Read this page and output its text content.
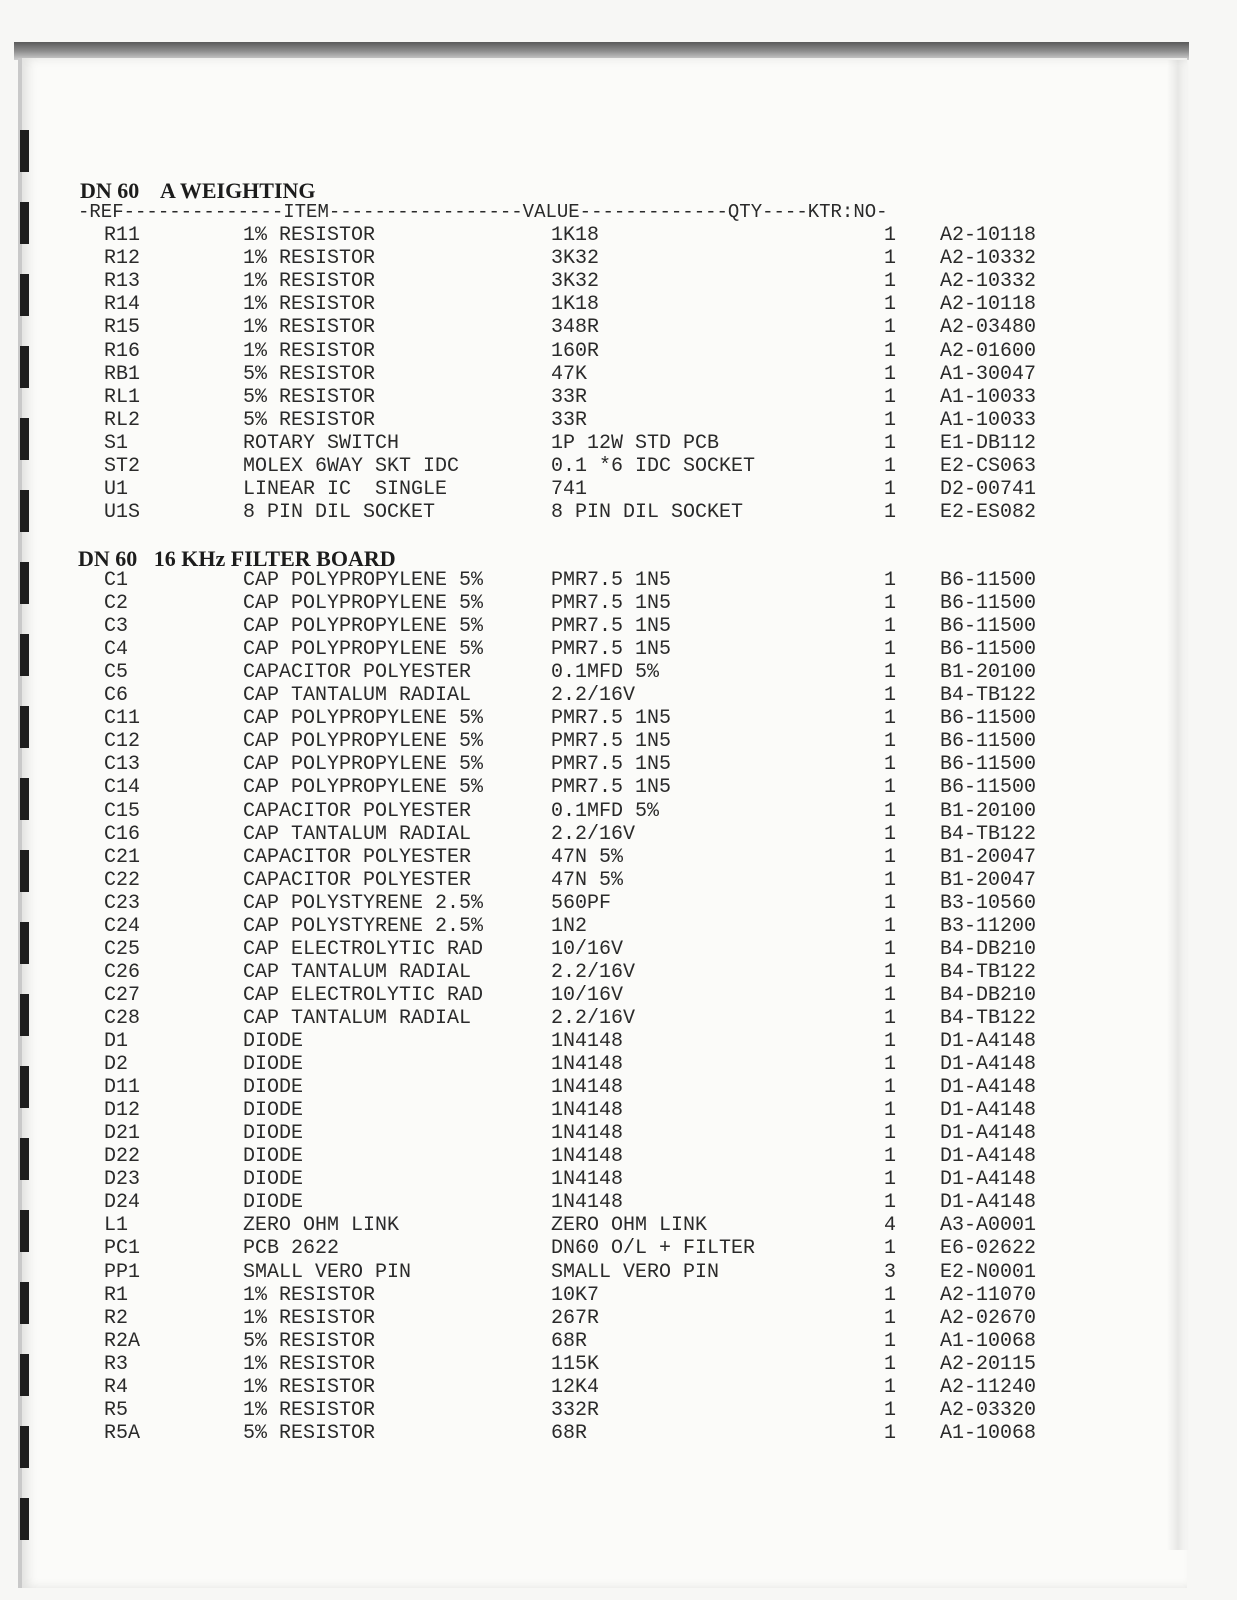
DN 60    A WEIGHTING
-REF--------------ITEM-----------------VALUE-------------QTY----KTR:NO-
R11	1% RESISTOR	1K18	1 A2-10118
R12	1% RESISTOR	3K32	1 A2-10332
R13	1% RESISTOR	3K32	1 A2-10332
R14	1% RESISTOR	1K18	1 A2-10118
R15	1% RESISTOR	348R	1 A2-03480
R16	1% RESISTOR	160R	1 A2-01600
RB1	5% RESISTOR	47K	1 A1-30047
RL1	5% RESISTOR	33R	1 A1-10033
RL2	5% RESISTOR	33R	1 A1-10033
S1	ROTARY SWITCH	1P 12W STD PCB	1 E1-DB112
ST2	MOLEX 6WAY SKT IDC	0.1 *6 IDC SOCKET	1 E2-CS063
U1	LINEAR IC  SINGLE	741	1 D2-00741
U1S	8 PIN DIL SOCKET	8 PIN DIL SOCKET	1 E2-ES082
DN 60   16 KHz FILTER BOARD
C1	CAP POLYPROPYLENE 5%	PMR7.5 1N5	1 B6-11500
C2	CAP POLYPROPYLENE 5%	PMR7.5 1N5	1 B6-11500
C3	CAP POLYPROPYLENE 5%	PMR7.5 1N5	1 B6-11500
C4	CAP POLYPROPYLENE 5%	PMR7.5 1N5	1 B6-11500
C5	CAPACITOR POLYESTER	0.1MFD 5%	1 B1-20100
C6	CAP TANTALUM RADIAL	2.2/16V	1 B4-TB122
C11	CAP POLYPROPYLENE 5%	PMR7.5 1N5	1 B6-11500
C12	CAP POLYPROPYLENE 5%	PMR7.5 1N5	1 B6-11500
C13	CAP POLYPROPYLENE 5%	PMR7.5 1N5	1 B6-11500
C14	CAP POLYPROPYLENE 5%	PMR7.5 1N5	1 B6-11500
C15	CAPACITOR POLYESTER	0.1MFD 5%	1 B1-20100
C16	CAP TANTALUM RADIAL	2.2/16V	1 B4-TB122
C21	CAPACITOR POLYESTER	47N 5%	1 B1-20047
C22	CAPACITOR POLYESTER	47N 5%	1 B1-20047
C23	CAP POLYSTYRENE 2.5%	560PF	1 B3-10560
C24	CAP POLYSTYRENE 2.5%	1N2	1 B3-11200
C25	CAP ELECTROLYTIC RAD	10/16V	1 B4-DB210
C26	CAP TANTALUM RADIAL	2.2/16V	1 B4-TB122
C27	CAP ELECTROLYTIC RAD	10/16V	1 B4-DB210
C28	CAP TANTALUM RADIAL	2.2/16V	1 B4-TB122
D1	DIODE	1N4148	1 D1-A4148
D2	DIODE	1N4148	1 D1-A4148
D11	DIODE	1N4148	1 D1-A4148
D12	DIODE	1N4148	1 D1-A4148
D21	DIODE	1N4148	1 D1-A4148
D22	DIODE	1N4148	1 D1-A4148
D23	DIODE	1N4148	1 D1-A4148
D24	DIODE	1N4148	1 D1-A4148
L1	ZERO OHM LINK	ZERO OHM LINK	4 A3-A0001
PC1	PCB 2622	DN60 O/L + FILTER	1 E6-02622
PP1	SMALL VERO PIN	SMALL VERO PIN	3 E2-N0001
R1	1% RESISTOR	10K7	1 A2-11070
R2	1% RESISTOR	267R	1 A2-02670
R2A	5% RESISTOR	68R	1 A1-10068
R3	1% RESISTOR	115K	1 A2-20115
R4	1% RESISTOR	12K4	1 A2-11240
R5	1% RESISTOR	332R	1 A2-03320
R5A	5% RESISTOR	68R	1 A1-10068
